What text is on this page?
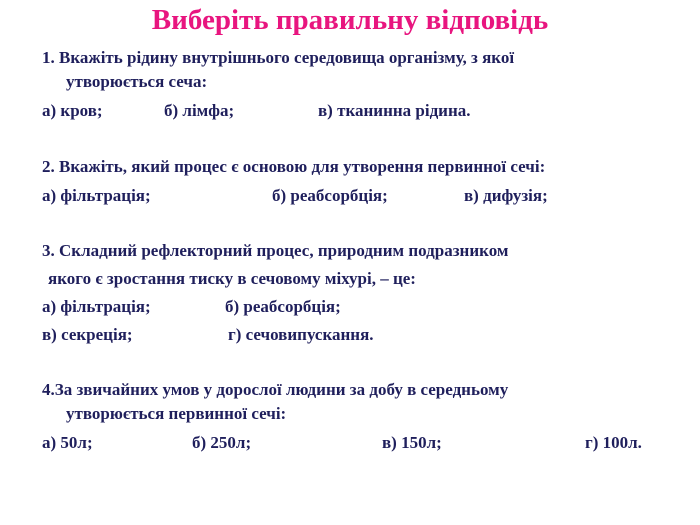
Виберіть правильну відповідь
1. Вкажіть рідину внутрішнього середовища організму, з якої
утворюється сеча:
а) кров;	б) лімфа;	в) тканинна рідина.
2. Вкажіть, який процес є основою для утворення первинної сечі:
а) фільтрація;	б) реабсорбція;	в) дифузія;
3. Складний рефлекторний процес, природним подразником
якого є зростання тиску в сечовому міхурі, – це:
а) фільтрація;	б) реабсорбція;
в) секреція;	г) сечовипускання.
4.За звичайних умов у дорослої людини за добу в середньому
утворюється первинної сечі:
а) 50л;	б) 250л;	в) 150л;	г) 100л.
